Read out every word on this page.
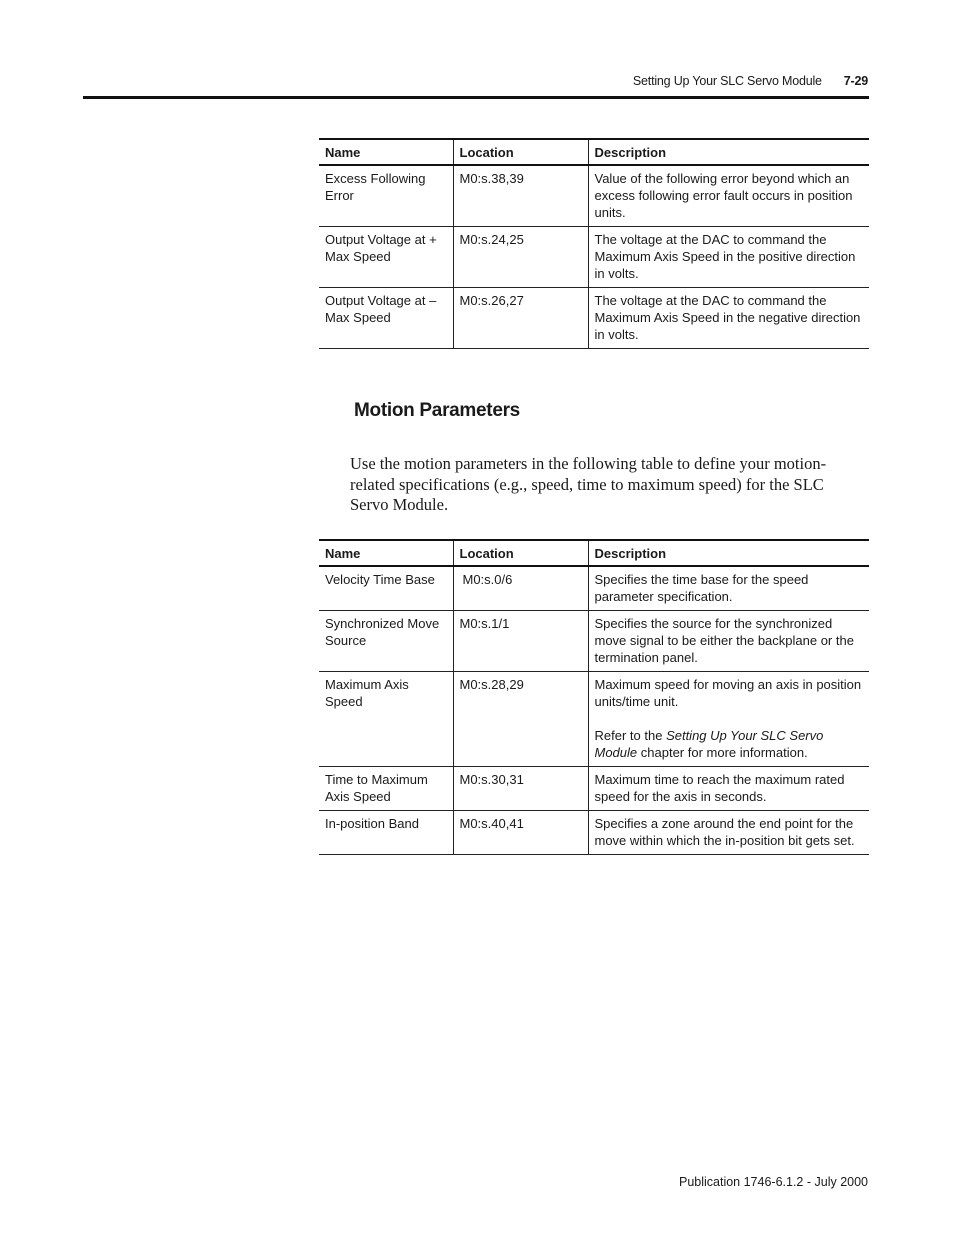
Setting Up Your SLC Servo Module 7-29
Name	Location	Description
Excess Following Error	M0:s.38,39	Value of the following error beyond which an excess following error fault occurs in position units.
Output Voltage at + Max Speed	M0:s.24,25	The voltage at the DAC to command the Maximum Axis Speed in the positive direction in volts.
Output Voltage at – Max Speed	M0:s.26,27	The voltage at the DAC to command the Maximum Axis Speed in the negative direction in volts.
Motion Parameters
Use the motion parameters in the following table to define your motion-related specifications (e.g., speed, time to maximum speed) for the SLC Servo Module.
Name	Location	Description
Velocity Time Base	M0:s.0/6	Specifies the time base for the speed parameter specification.
Synchronized Move Source	M0:s.1/1	Specifies the source for the synchronized move signal to be either the backplane or the termination panel.
Maximum Axis Speed	M0:s.28,29	Maximum speed for moving an axis in position units/time unit.
Refer to the Setting Up Your SLC Servo Module chapter for more information.
Time to Maximum Axis Speed	M0:s.30,31	Maximum time to reach the maximum rated speed for the axis in seconds.
In-position Band	M0:s.40,41	Specifies a zone around the end point for the move within which the in-position bit gets set.
Publication 1746-6.1.2 - July 2000
